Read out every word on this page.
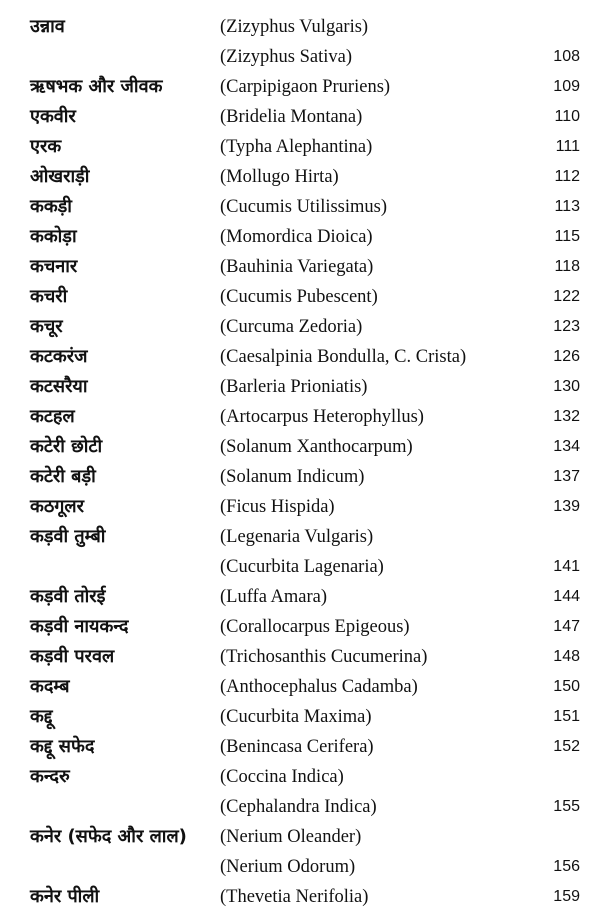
उन्नाव	(Zizyphus Vulgaris)
(Zizyphus Sativa)	108
ऋषभक और जीवक	(Carpipigaon Pruriens)	109
एकवीर	(Bridelia Montana)	110
एरक	(Typha Alephantina)	111
ओखराड़ी	(Mollugo Hirta)	112
ककड़ी	(Cucumis Utilissimus)	113
ककोड़ा	(Momordica Dioica)	115
कचनार	(Bauhinia Variegata)	118
कचरी	(Cucumis Pubescent)	122
कचूर	(Curcuma Zedoria)	123
कटकरंज	(Caesalpinia Bondulla, C. Crista)	126
कटसरैया	(Barleria Prioniatis)	130
कटहल	(Artocarpus Heterophyllus)	132
कटेरी छोटी	(Solanum Xanthocarpum)	134
कटेरी बड़ी	(Solanum Indicum)	137
कठगूलर	(Ficus Hispida)	139
कड़वी तुम्बी	(Legenaria Vulgaris)
(Cucurbita Lagenaria)	141
कड़वी तोरई	(Luffa Amara)	144
कड़वी नायकन्द	(Corallocarpus Epigeous)	147
कड़वी परवल	(Trichosanthis Cucumerina)	148
कदम्ब	(Anthocephalus Cadamba)	150
कद्दू	(Cucurbita Maxima)	151
कद्दू सफेद	(Benincasa Cerifera)	152
कन्दरु	(Coccina Indica)
(Cephalandra Indica)	155
कनेर (सफेद और लाल) (Nerium Oleander)
(Nerium Odorum)	156
कनेर पीली	(Thevetia Nerifolia)	159
